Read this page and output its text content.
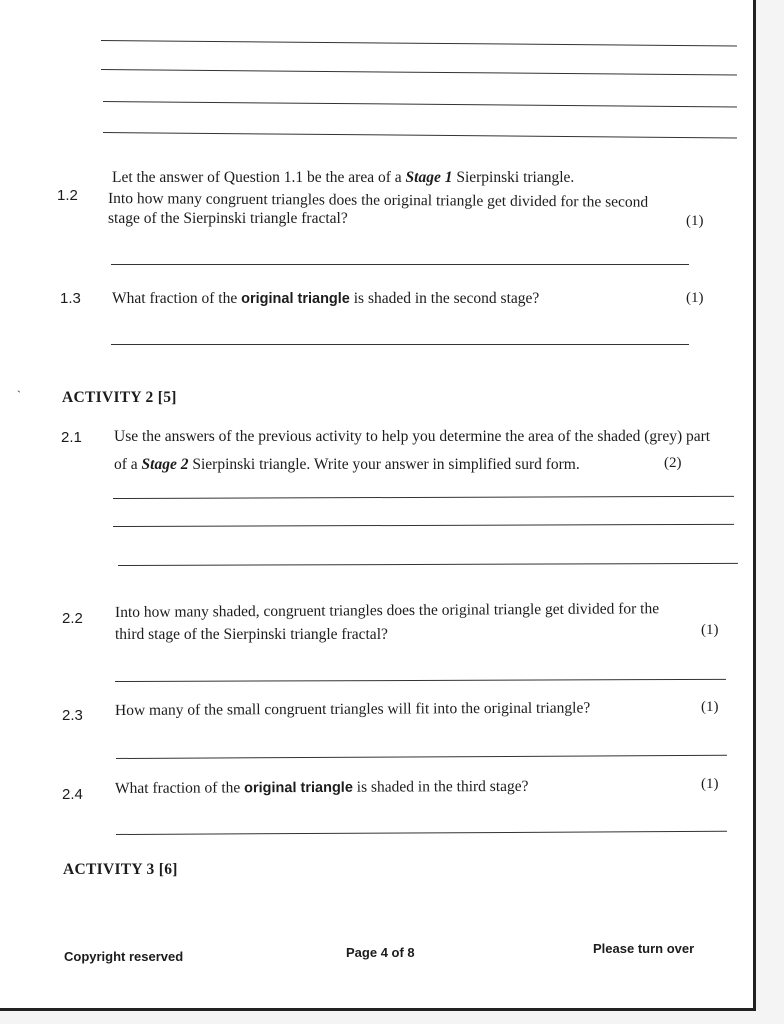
Let the answer of Question 1.1 be the area of a Stage 1 Sierpinski triangle.
1.2 Into how many congruent triangles does the original triangle get divided for the second
stage of the Sierpinski triangle fractal?	(1)
1.3 What fraction of the original triangle is shaded in the second stage?	(1)
`	ACTIVITY 2 [5]
2.1 Use the answers of the previous activity to help you determine the area of the shaded (grey) part
of a Stage 2 Sierpinski triangle. Write your answer in simplified surd form.	(2)
2.2 Into how many shaded, congruent triangles does the original triangle get divided for the
third stage of the Sierpinski triangle fractal?	(1)
2.3 How many of the small congruent triangles will fit into the original triangle?	(1)
2.4 What fraction of the original triangle is shaded in the third stage?	(1)
ACTIVITY 3 [6]
Copyright reserved	Page 4 of 8	Please turn over
